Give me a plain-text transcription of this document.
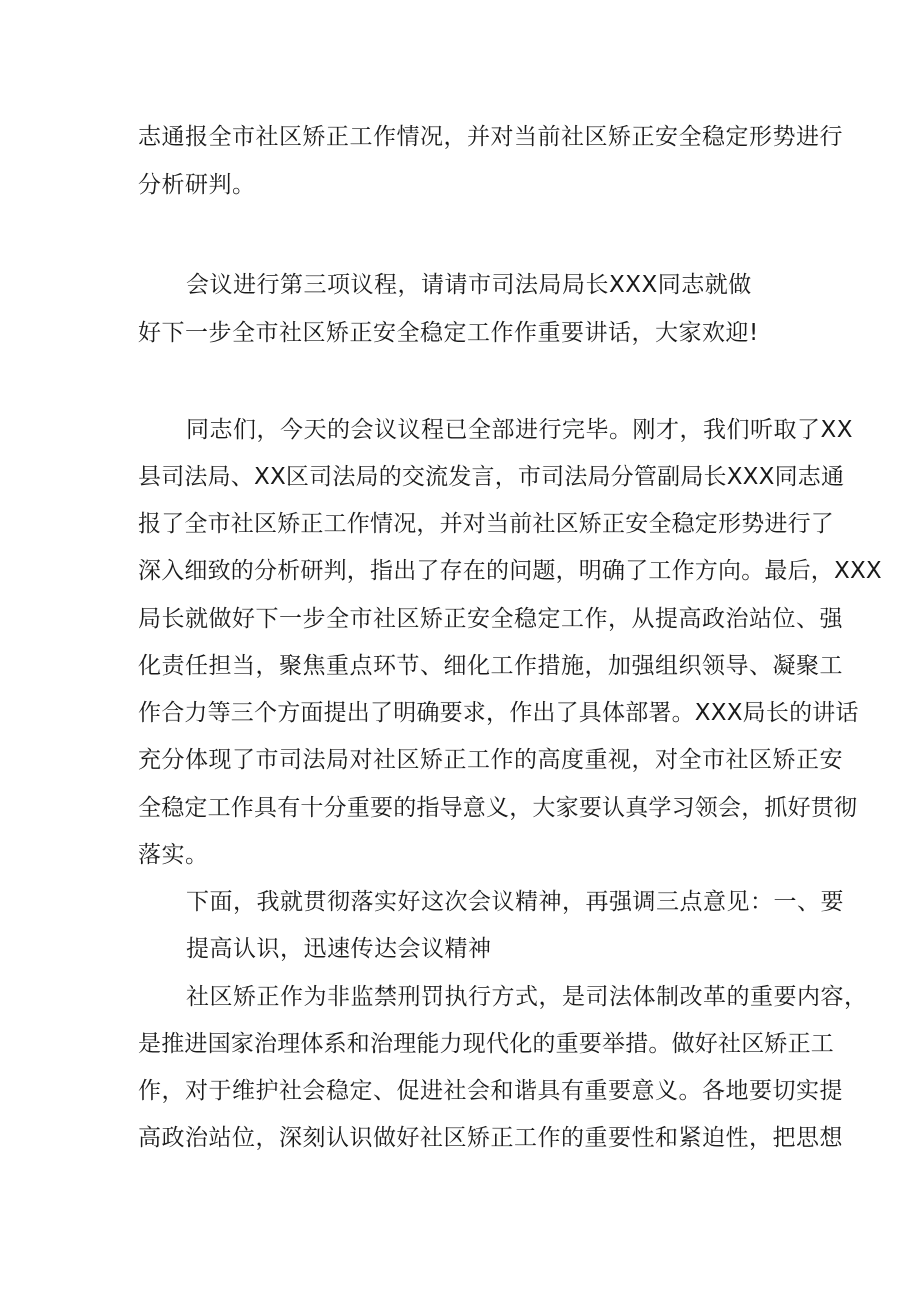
志通报全市社区矫正工作情况，并对当前社区矫正安全稳定形势进行
分析研判。
会议进行第三项议程，请请市司法局局长XXX同志就做
好下一步全市社区矫正安全稳定工作作重要讲话，大家欢迎!
同志们，今天的会议议程已全部进行完毕。刚才，我们听取了XX
县司法局、XX区司法局的交流发言，市司法局分管副局长XXX同志通
报了全市社区矫正工作情况，并对当前社区矫正安全稳定形势进行了
深入细致的分析研判，指出了存在的问题，明确了工作方向。最后，XXX
局长就做好下一步全市社区矫正安全稳定工作，从提高政治站位、强
化责任担当，聚焦重点环节、细化工作措施，加强组织领导、凝聚工
作合力等三个方面提出了明确要求，作出了具体部署。XXX局长的讲话
充分体现了市司法局对社区矫正工作的高度重视，对全市社区矫正安
全稳定工作具有十分重要的指导意义，大家要认真学习领会，抓好贯彻
落实。
下面，我就贯彻落实好这次会议精神，再强调三点意见：一、要
提高认识，迅速传达会议精神
社区矫正作为非监禁刑罚执行方式，是司法体制改革的重要内容，
是推进国家治理体系和治理能力现代化的重要举措。做好社区矫正工
作，对于维护社会稳定、促进社会和谐具有重要意义。各地要切实提
高政治站位，深刻认识做好社区矫正工作的重要性和紧迫性，把思想
